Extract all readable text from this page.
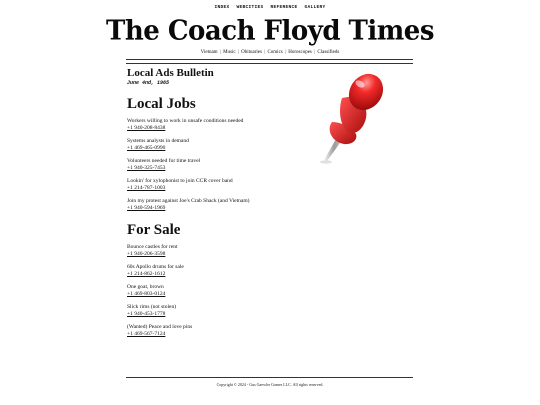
INDEX WEBCITIES REFERENCE GALLERY
The Coach Floyd Times
Vietnam | Music | Obituaries | Comics | Horoscopes | Classifieds
Local Ads Bulletin
June 4nd, 1965
Local Jobs
Workers willing to work in unsafe conditions needed
+1 940-208-8438
Systems analysts in demand
+1 469-465-0990
Volunteers needed for time travel
+1 940-325-7453
Lookin' for xylophonist to join CCR cover band
+1 214-787-1003
Join my protest against Joe's Crab Shack (and Vietnam)
+1 940-594-1969
For Sale
Bounce castles for rent
+1 940-206-3598
60s Apollo drums for sale
+1 214-862-1612
One goat, brown
+1 469-803-0124
Slick rims (not stolen)
+1 940-453-1778
(Wanted) Peace and love pins
+1 469-567-7124
Copyright © 2024 - Gus Gaewler Games LLC. All rights reserved.
